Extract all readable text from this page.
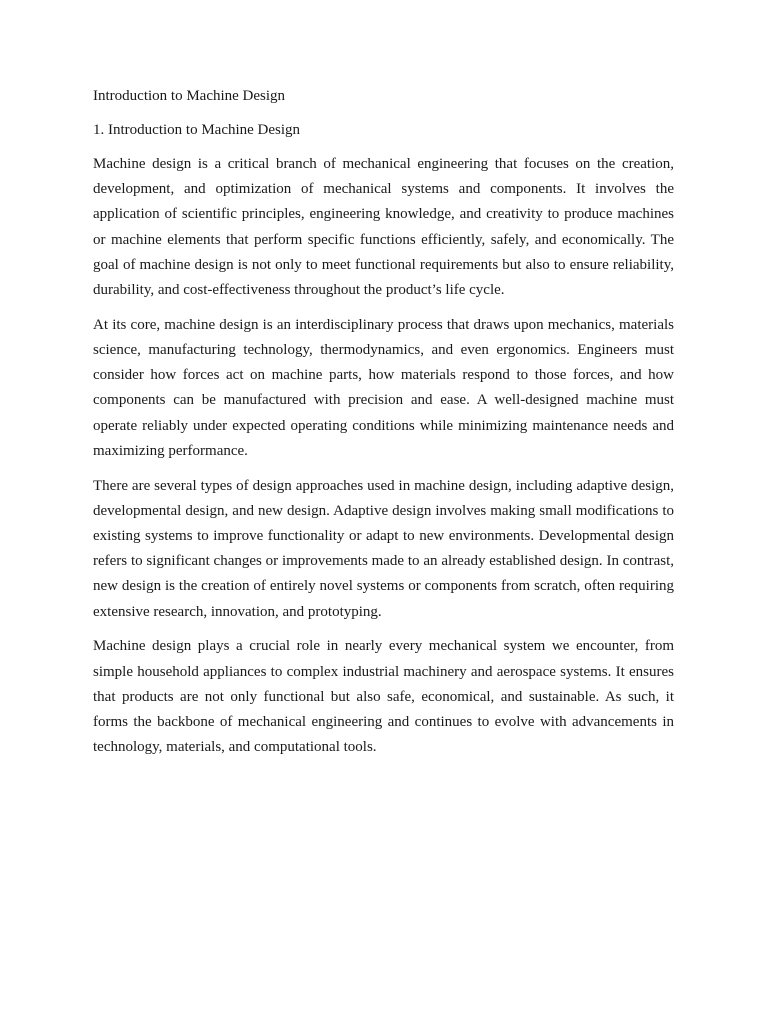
Introduction to Machine Design
1. Introduction to Machine Design

Machine design is a critical branch of mechanical engineering that focuses on the creation, development, and optimization of mechanical systems and components. It involves the application of scientific principles, engineering knowledge, and creativity to produce machines or machine elements that perform specific functions efficiently, safely, and economically. The goal of machine design is not only to meet functional requirements but also to ensure reliability, durability, and cost-effectiveness throughout the product’s life cycle.

At its core, machine design is an interdisciplinary process that draws upon mechanics, materials science, manufacturing technology, thermodynamics, and even ergonomics. Engineers must consider how forces act on machine parts, how materials respond to those forces, and how components can be manufactured with precision and ease. A well-designed machine must operate reliably under expected operating conditions while minimizing maintenance needs and maximizing performance.

There are several types of design approaches used in machine design, including adaptive design, developmental design, and new design. Adaptive design involves making small modifications to existing systems to improve functionality or adapt to new environments. Developmental design refers to significant changes or improvements made to an already established design. In contrast, new design is the creation of entirely novel systems or components from scratch, often requiring extensive research, innovation, and prototyping.

Machine design plays a crucial role in nearly every mechanical system we encounter, from simple household appliances to complex industrial machinery and aerospace systems. It ensures that products are not only functional but also safe, economical, and sustainable. As such, it forms the backbone of mechanical engineering and continues to evolve with advancements in technology, materials, and computational tools.
